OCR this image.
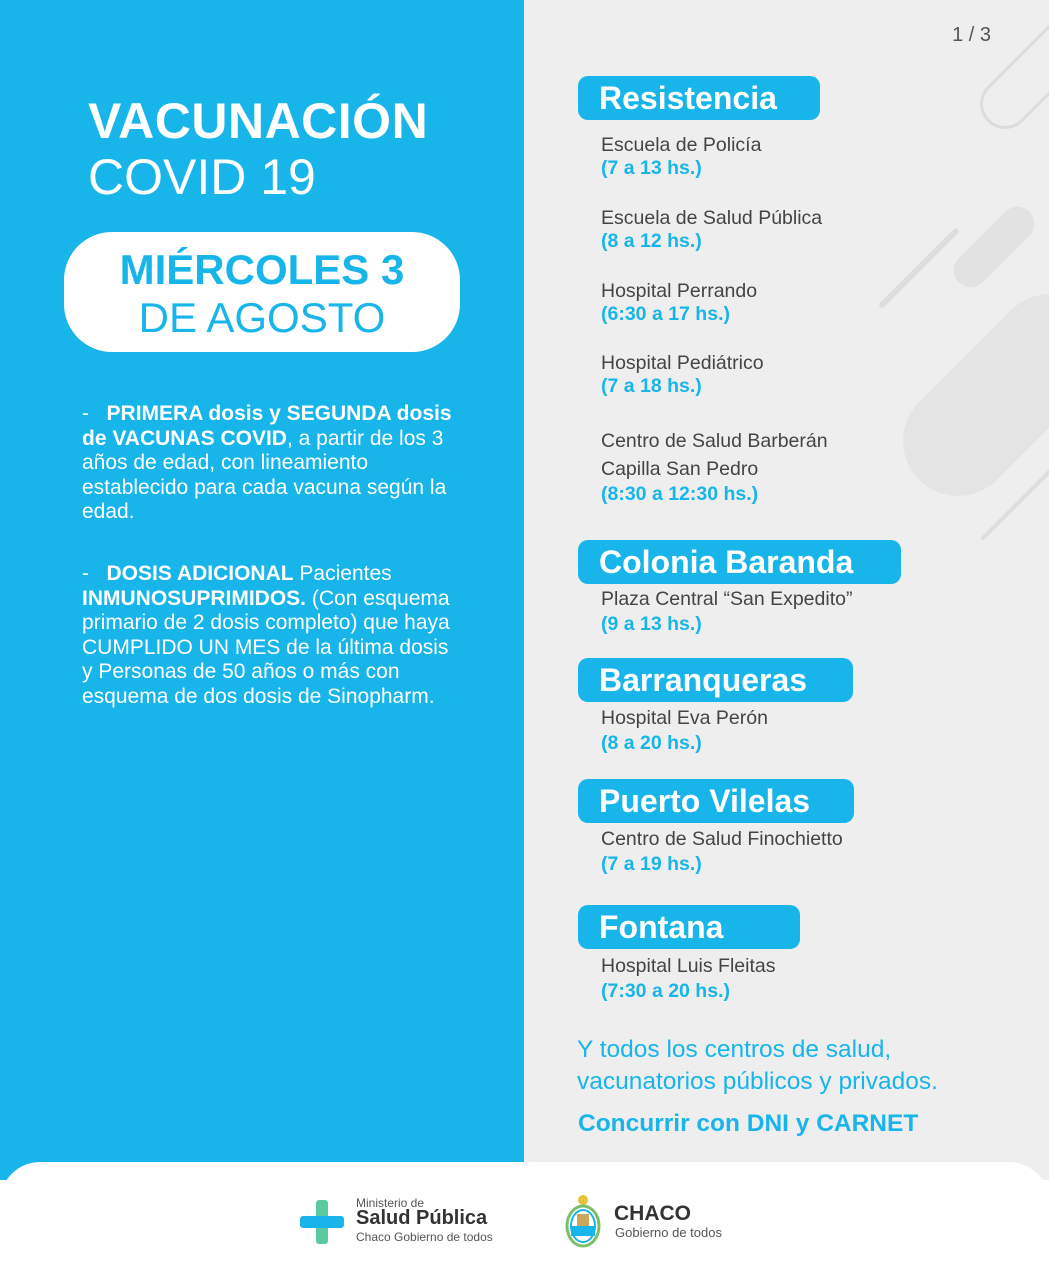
VACUNACIÓN
COVID 19
MIÉRCOLES 3
DE AGOSTO
- PRIMERA dosis y SEGUNDA dosis de VACUNAS COVID, a partir de los 3 años de edad, con lineamiento establecido para cada vacuna según la edad.
- DOSIS ADICIONAL Pacientes INMUNOSUPRIMIDOS. (Con esquema primario de 2 dosis completo) que haya CUMPLIDO UN MES de la última dosis y Personas de 50 años o más con esquema de dos dosis de Sinopharm.
1 / 3
Resistencia
Escuela de Policía
(7 a 13 hs.)
Escuela de Salud Pública
(8 a 12 hs.)
Hospital Perrando
(6:30 a 17 hs.)
Hospital Pediátrico
(7 a 18 hs.)
Centro de Salud Barberán
Capilla San Pedro
(8:30 a 12:30 hs.)
Colonia Baranda
Plaza Central “San Expedito”
(9 a 13 hs.)
Barranqueras
Hospital Eva Perón
(8 a 20 hs.)
Puerto Vilelas
Centro de Salud Finochietto
(7 a 19 hs.)
Fontana
Hospital Luis Fleitas
(7:30 a 20 hs.)
Y todos los centros de salud,
vacunatorios públicos y privados.
Concurrir con DNI y CARNET
Ministerio de
Salud Pública
Chaco Gobierno de todos
CHACO
Gobierno de todos
